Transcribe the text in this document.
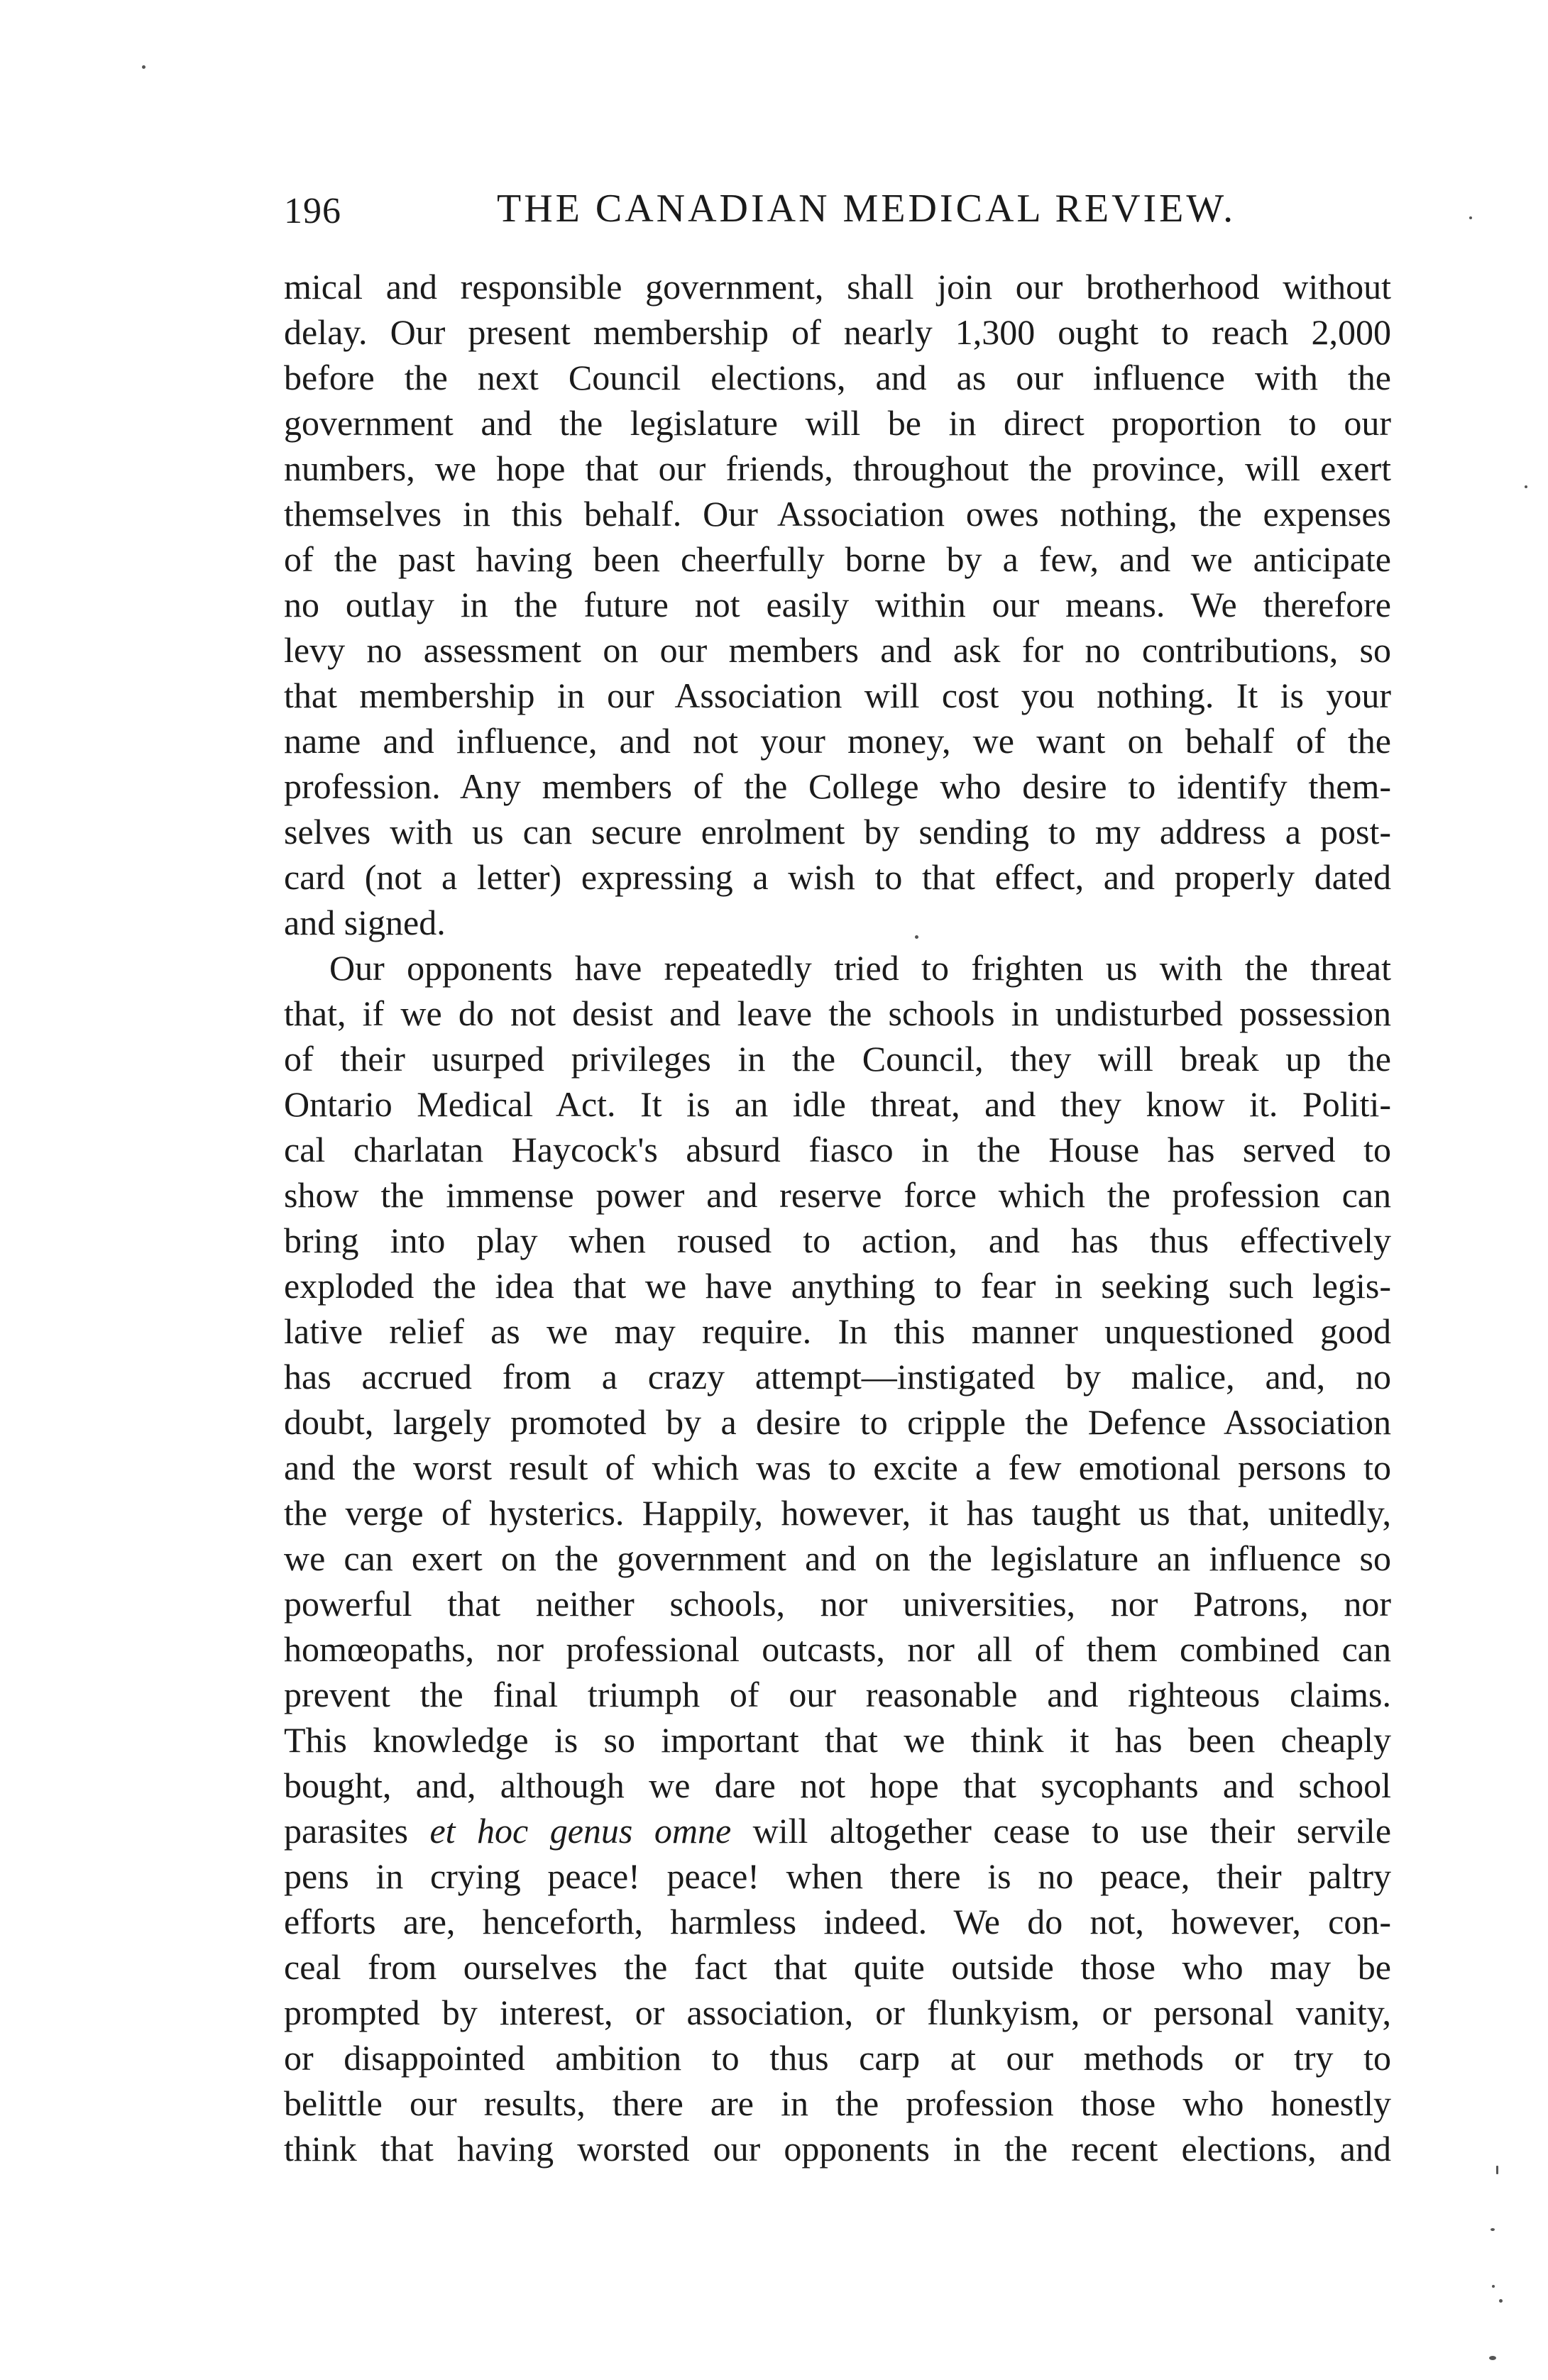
196	THE CANADIAN MEDICAL REVIEW.
mical and responsible government, shall join our brotherhood without
delay. Our present membership of nearly 1,300 ought to reach 2,000
before the next Council elections, and as our influence with the
government and the legislature will be in direct proportion to our
numbers, we hope that our friends, throughout the province, will exert
themselves in this behalf. Our Association owes nothing, the expenses
of the past having been cheerfully borne by a few, and we anticipate
no outlay in the future not easily within our means. We therefore
levy no assessment on our members and ask for no contributions, so
that membership in our Association will cost you nothing. It is your
name and influence, and not your money, we want on behalf of the
profession. Any members of the College who desire to identify them-
selves with us can secure enrolment by sending to my address a post-
card (not a letter) expressing a wish to that effect, and properly dated
and signed.
Our opponents have repeatedly tried to frighten us with the threat
that, if we do not desist and leave the schools in undisturbed possession
of their usurped privileges in the Council, they will break up the
Ontario Medical Act. It is an idle threat, and they know it. Politi-
cal charlatan Haycock's absurd fiasco in the House has served to
show the immense power and reserve force which the profession can
bring into play when roused to action, and has thus effectively
exploded the idea that we have anything to fear in seeking such legis-
lative relief as we may require. In this manner unquestioned good
has accrued from a crazy attempt—instigated by malice, and, no
doubt, largely promoted by a desire to cripple the Defence Association
and the worst result of which was to excite a few emotional persons to
the verge of hysterics. Happily, however, it has taught us that, unitedly,
we can exert on the government and on the legislature an influence so
powerful that neither schools, nor universities, nor Patrons, nor
homœopaths, nor professional outcasts, nor all of them combined can
prevent the final triumph of our reasonable and righteous claims.
This knowledge is so important that we think it has been cheaply
bought, and, although we dare not hope that sycophants and school
parasites et hoc genus omne will altogether cease to use their servile
pens in crying peace! peace! when there is no peace, their paltry
efforts are, henceforth, harmless indeed. We do not, however, con-
ceal from ourselves the fact that quite outside those who may be
prompted by interest, or association, or flunkyism, or personal vanity,
or disappointed ambition to thus carp at our methods or try to
belittle our results, there are in the profession those who honestly
think that having worsted our opponents in the recent elections, and
